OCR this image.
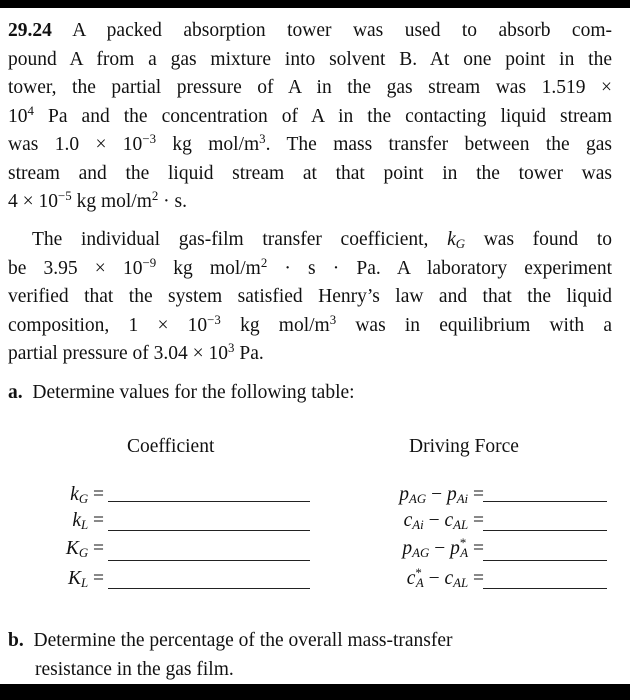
29.24 A packed absorption tower was used to absorb com-
pound A from a gas mixture into solvent B. At one point in the
tower, the partial pressure of A in the gas stream was 1.519 ×
$10^4$ Pa and the concentration of A in the contacting liquid stream
was $1.0 \times 10^{-3}$ kg mol/$m^3$. The mass transfer between the gas
stream and the liquid stream at that point in the tower was
$4 \times 10^{-5}$ kg mol/$m^2 \cdot s$.
The individual gas-film transfer coefficient, $k_G$ was found to
be $3.95 \times 10^{-9}$ kg mol/$m^2 \cdot s \cdot Pa$. A laboratory experiment
verified that the system satisfied Henry’s law and that the liquid
composition, $1 \times 10^{-3}$ kg mol/$m^3$ was in equilibrium with a
partial pressure of $3.04 \times 10^3$ Pa.
a. Determine values for the following table:
Coefficient	Driving Force
$k_G$ =
$k_L$ =
$K_G$ =
$K_L$ =
$p_{AG} - p_{Ai}$ =
$c_{Ai} - c_{AL}$ =
$p_{AG} - p^*_A$ =
$c^*_A - c_{AL}$ =
b. Determine the percentage of the overall mass-transfer
resistance in the gas film.
